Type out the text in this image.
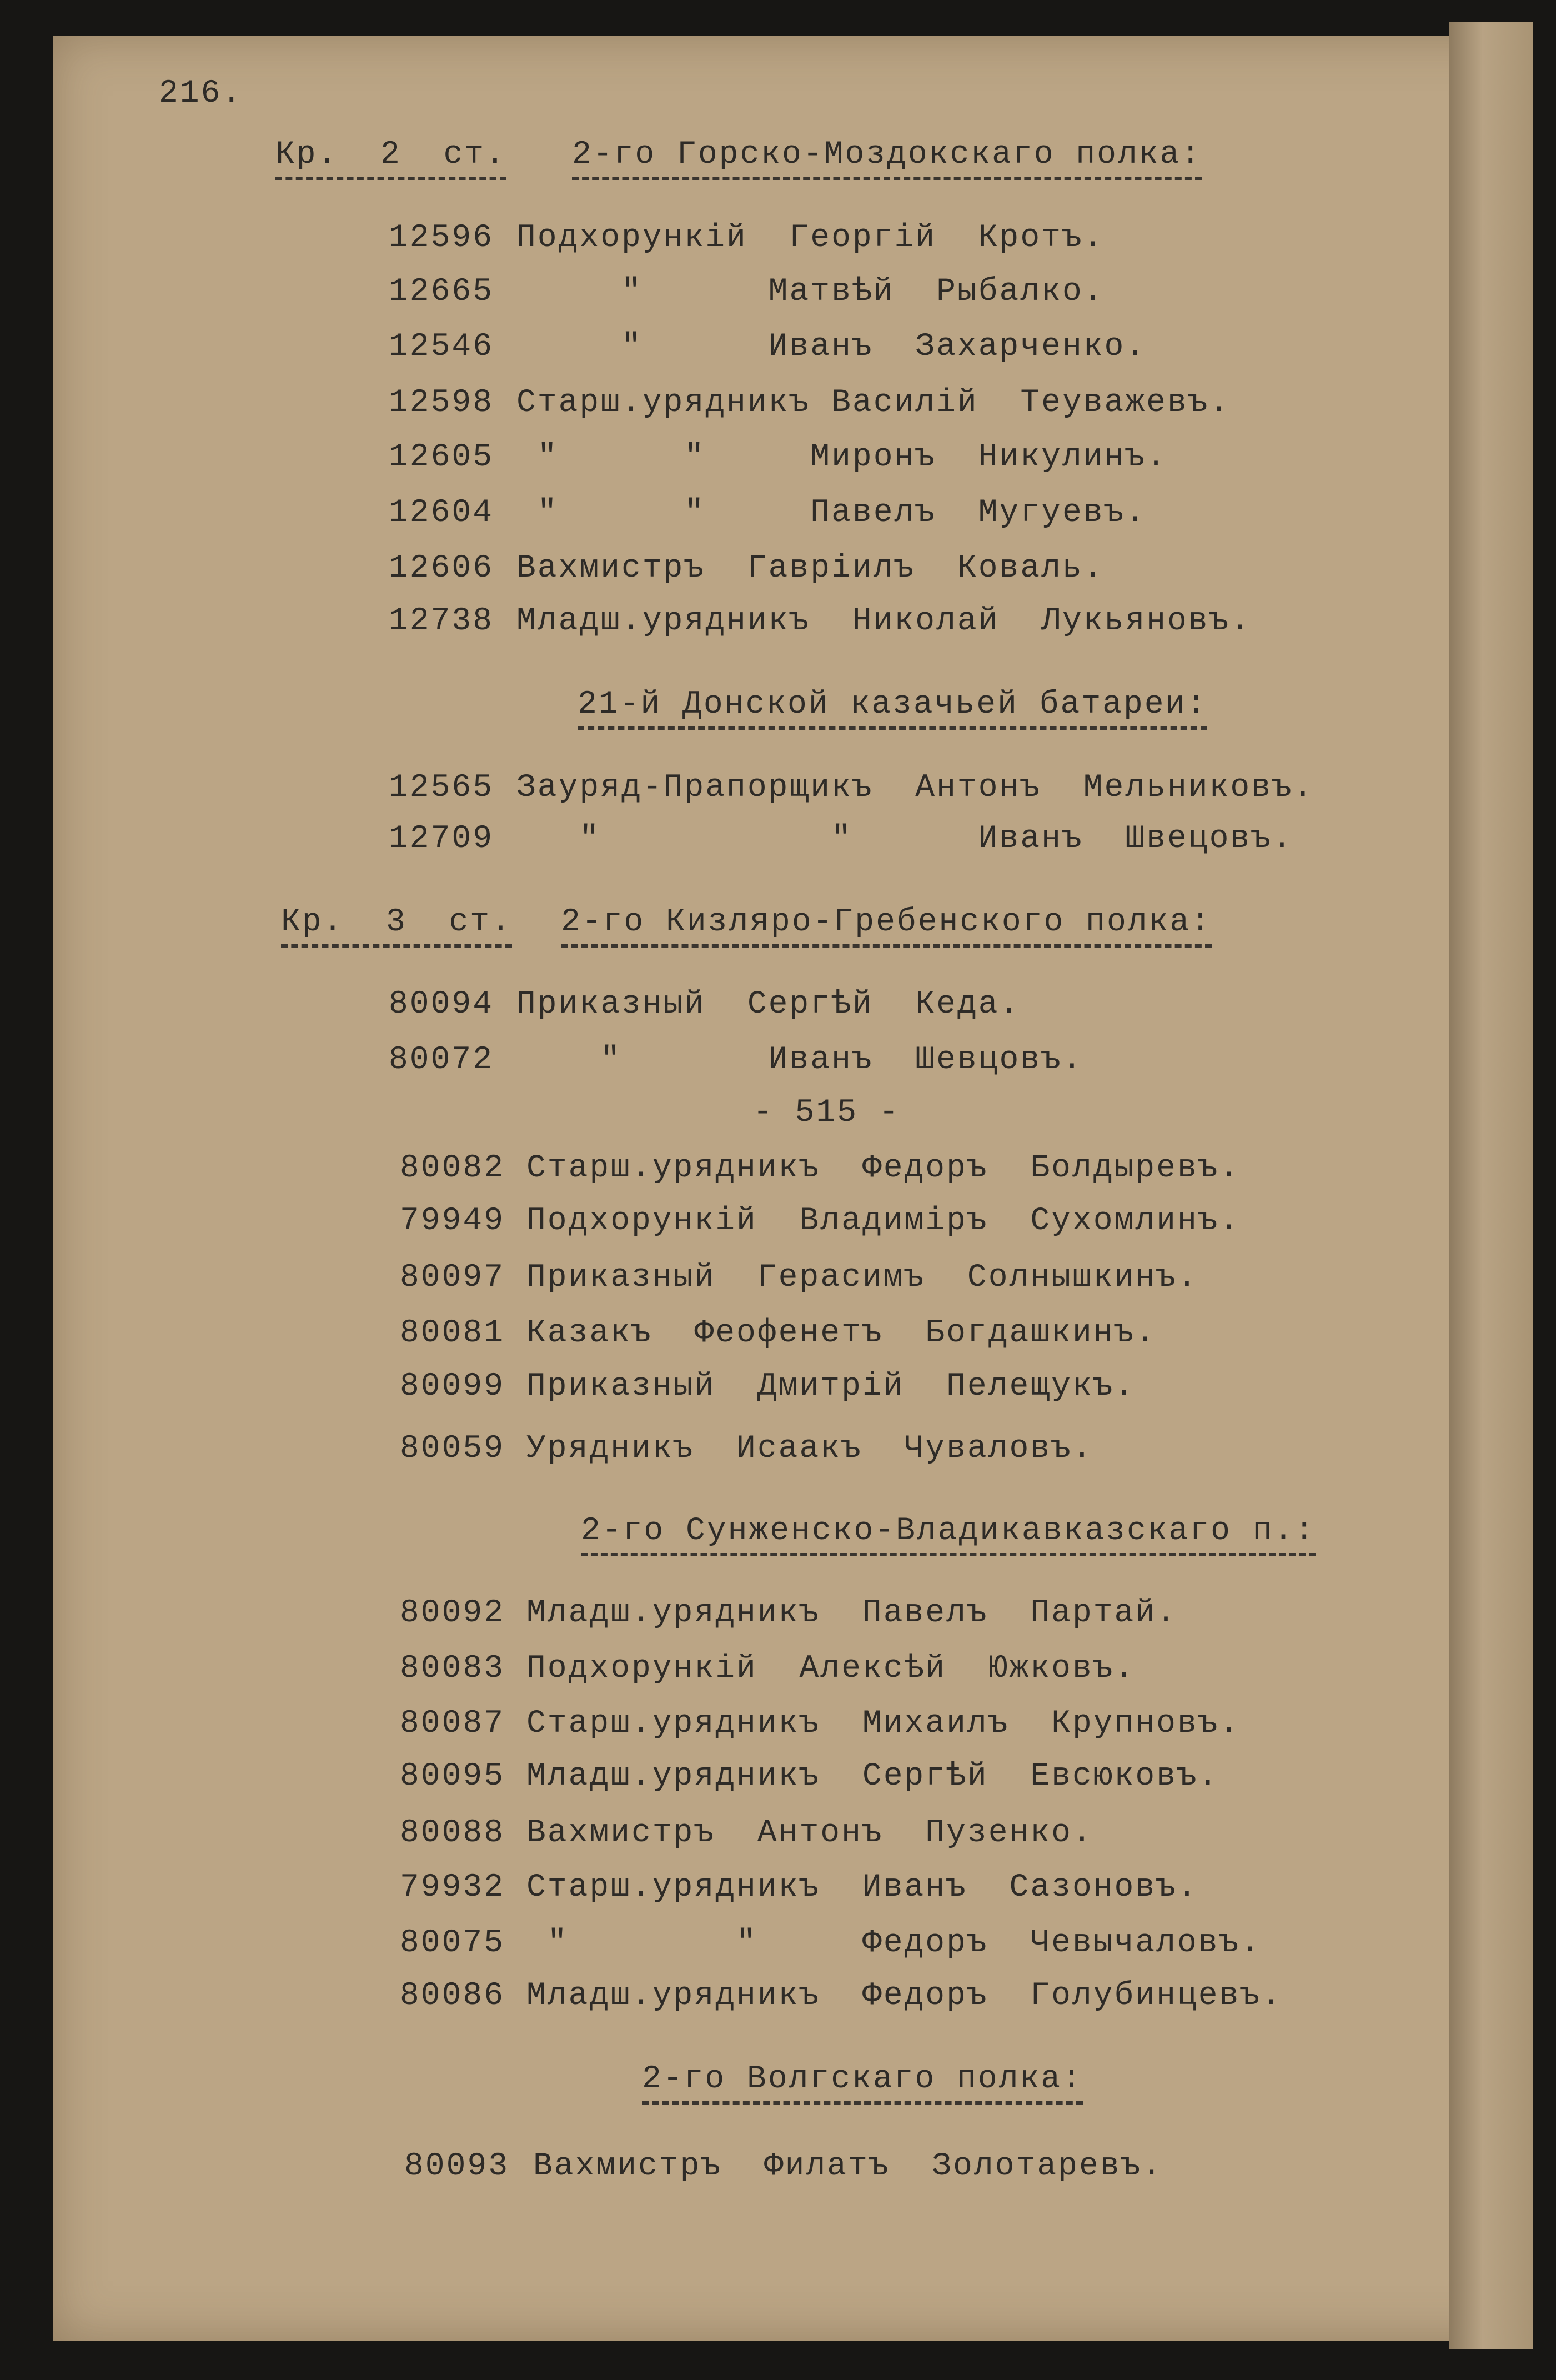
216.
Кр.  2  ст. 2-го Горско-Моздокскаго полка:
12596 Подхорункій  Георгій  Кротъ.
12665 "      Матвѣй  Рыбалко.
12546 "      Иванъ  Захарченко.
12598 Старш.урядникъ Василій  Теуважевъ.
12605 "      "     Миронъ  Никулинъ.
12604 "      "     Павелъ  Мугуевъ.
12606 Вахмистръ  Гавріилъ  Коваль.
12738 Младш.урядникъ  Николай  Лукьяновъ.
21-й Донской казачьей батареи:
12565 Зауряд-Прапорщикъ  Антонъ  Мельниковъ.
12709 "           "      Иванъ  Швецовъ.
Кр.  3  ст. 2-го Кизляро-Гребенского полка:
80094 Приказный  Сергѣй  Кеда.
80072 "       Иванъ  Шевцовъ.
- 515 -
80082 Старш.урядникъ  Федоръ  Болдыревъ.
79949 Подхорункій  Владиміръ  Сухомлинъ.
80097 Приказный  Герасимъ  Солнышкинъ.
80081 Казакъ  Феофенетъ  Богдашкинъ.
80099 Приказный  Дмитрій  Пелещукъ.
80059 Урядникъ  Исаакъ  Чуваловъ.
2-го Сунженско-Владикавказскаго п.:
80092 Младш.урядникъ  Павелъ  Партай.
80083 Подхорункій  Алексѣй  Южковъ.
80087 Старш.урядникъ  Михаилъ  Крупновъ.
80095 Младш.урядникъ  Сергѣй  Евсюковъ.
80088 Вахмистръ  Антонъ  Пузенко.
79932 Старш.урядникъ  Иванъ  Сазоновъ.
80075 "        "     Федоръ  Чевычаловъ.
80086 Младш.урядникъ  Федоръ  Голубинцевъ.
2-го Волгскаго полка:
80093 Вахмистръ  Филатъ  Золотаревъ.
